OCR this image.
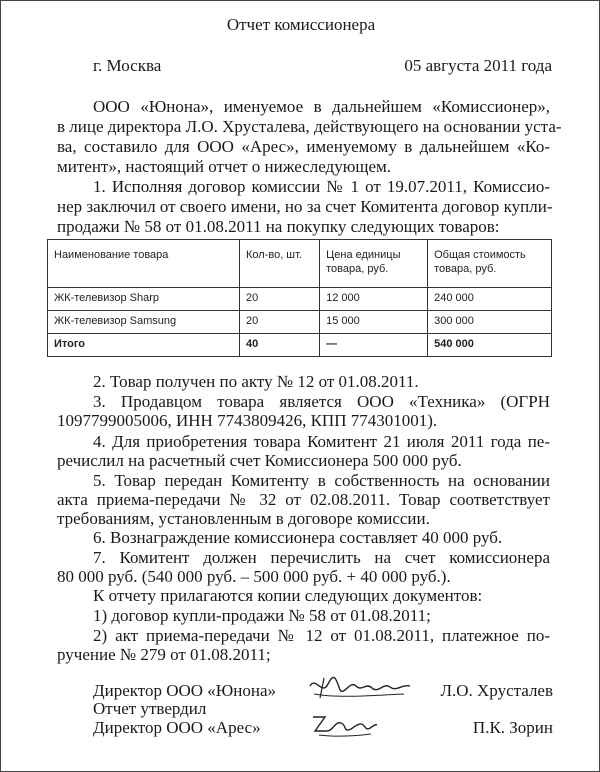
Отчет комиссионера
г. Москва	05 августа 2011 года
ООО «Юнона», именуемое в дальнейшем «Комиссионер»,
в лице директора Л.О. Хрусталева, действующего на основании уста-
ва, составило для ООО «Арес», именуемому в дальнейшем «Ко-
митент», настоящий отчет о нижеследующем.
1. Исполняя договор комиссии № 1 от 19.07.2011, Комиссио-
нер заключил от своего имени, но за счет Комитента договор купли-
продажи № 58 от 01.08.2011 на покупку следующих товаров:
Наименование товара	Кол-во, шт.	Цена единицы товара, руб.	Общая стоимость товара, руб.
ЖК-телевизор Sharp	20	12 000	240 000
ЖК-телевизор Samsung	20	15 000	300 000
Итого	40	—	540 000
2. Товар получен по акту № 12 от 01.08.2011.
3. Продавцом товара является ООО «Техника» (ОГРН
1097799005006, ИНН 7743809426, КПП 774301001).
4. Для приобретения товара Комитент 21 июля 2011 года пе-
речислил на расчетный счет Комиссионера 500 000 руб.
5. Товар передан Комитенту в собственность на основании
акта приема-передачи № 32 от 02.08.2011. Товар соответствует
требованиям, установленным в договоре комиссии.
6. Вознаграждение комиссионера составляет 40 000 руб.
7. Комитент должен перечислить на счет комиссионера
80 000 руб. (540 000 руб. – 500 000 руб. + 40 000 руб.).
К отчету прилагаются копии следующих документов:
1) договор купли-продажи № 58 от 01.08.2011;
2) акт приема-передачи № 12 от 01.08.2011, платежное по-
ручение № 279 от 01.08.2011;
Директор ООО «Юнона»	Л.О. Хрусталев
Отчет утвердил
Директор ООО «Арес»	П.К. Зорин
